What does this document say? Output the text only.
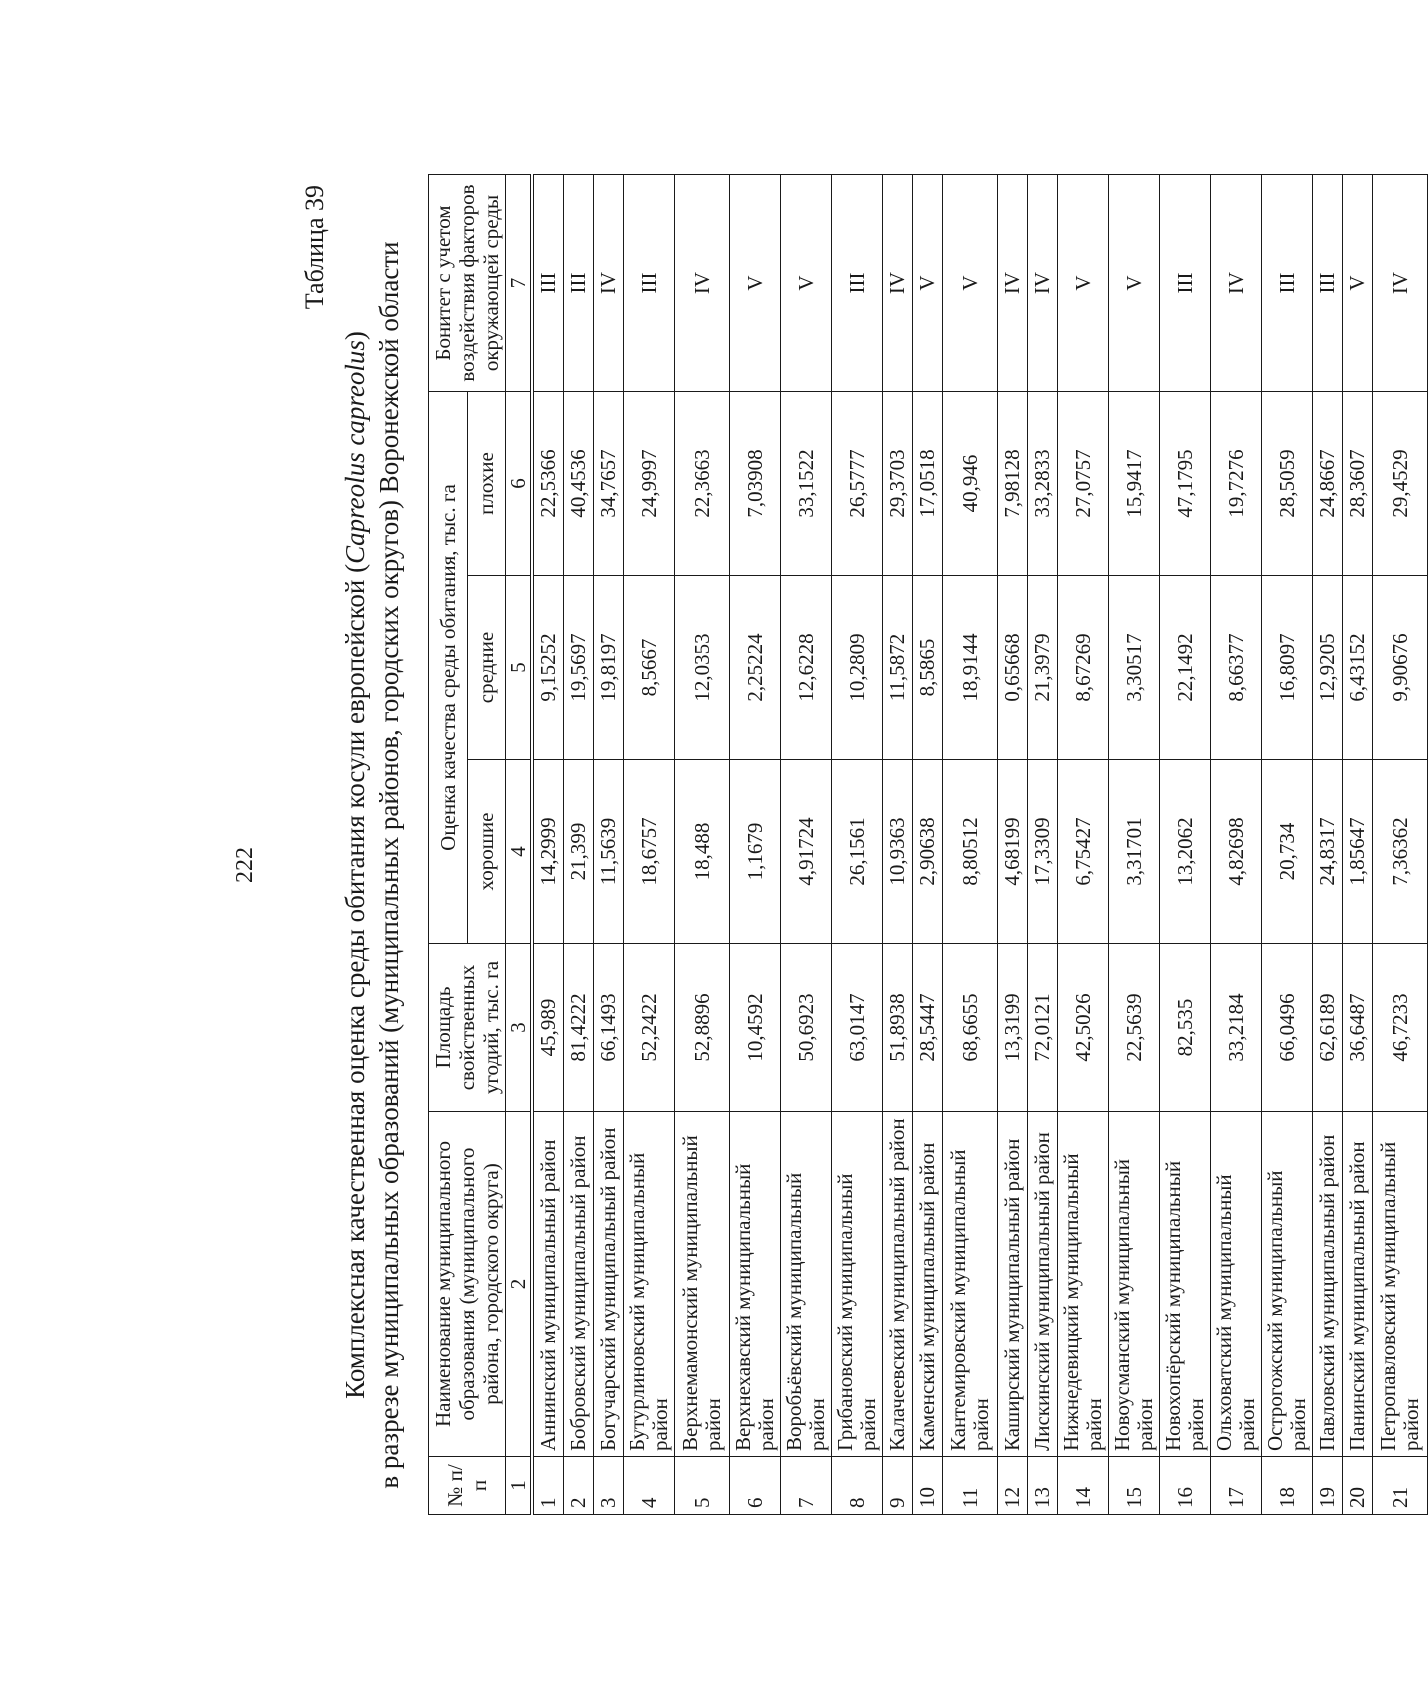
222
Таблица 39
Комплексная качественная оценка среды обитания косули европейской (Capreolus capreolus) в разрезе муниципальных образований (муниципальных районов, городских округов) Воронежской области № п/п	Наименование муниципального образования (муниципального района, городского округа)	Площадь свойственных угодий, тыс. га	Оценка качества среды обитания, тыс. га			Бонитет с учетом воздействия факторов окружающей среды
			хорошие	средние	плохие	
1	2	3	4	5	6	7
1	Аннинский муниципальный район	45,989	14,2999	9,15252	22,5366	III
2	Бобровский муниципальный район	81,4222	21,399	19,5697	40,4536	III
3	Богучарский муниципальный район	66,1493	11,5639	19,8197	34,7657	IV
4	Бутурлиновский муниципальный район	52,2422	18,6757	8,5667	24,9997	III
5	Верхнемамонский муниципальный район	52,8896	18,488	12,0353	22,3663	IV
6	Верхнехавский муниципальный район	10,4592	1,1679	2,25224	7,03908	V
7	Воробьёвский муниципальный район	50,6923	4,91724	12,6228	33,1522	V
8	Грибановский муниципальный район	63,0147	26,1561	10,2809	26,5777	III
9	Калачеевский муниципальный район	51,8938	10,9363	11,5872	29,3703	IV
10	Каменский муниципальный район	28,5447	2,90638	8,5865	17,0518	V
11	Кантемировский муниципальный район	68,6655	8,80512	18,9144	40,946	V
12	Каширский муниципальный район	13,3199	4,68199	0,65668	7,98128	IV
13	Лискинский муниципальный район	72,0121	17,3309	21,3979	33,2833	IV
14	Нижнедевицкий муниципальный район	42,5026	6,75427	8,67269	27,0757	V
15	Новоусманский муниципальный район	22,5639	3,31701	3,30517	15,9417	V
16	Новохопёрский муниципальный район	82,535	13,2062	22,1492	47,1795	III
17	Ольховатский муниципальный район	33,2184	4,82698	8,66377	19,7276	IV
18	Острогожский муниципальный район	66,0496	20,734	16,8097	28,5059	III
19	Павловский муниципальный район	62,6189	24,8317	12,9205	24,8667	III
20	Панинский муниципальный район	36,6487	1,85647	6,43152	28,3607	V
21	Петропавловский муниципальный район	46,7233	7,36362	9,90676	29,4529	IV
